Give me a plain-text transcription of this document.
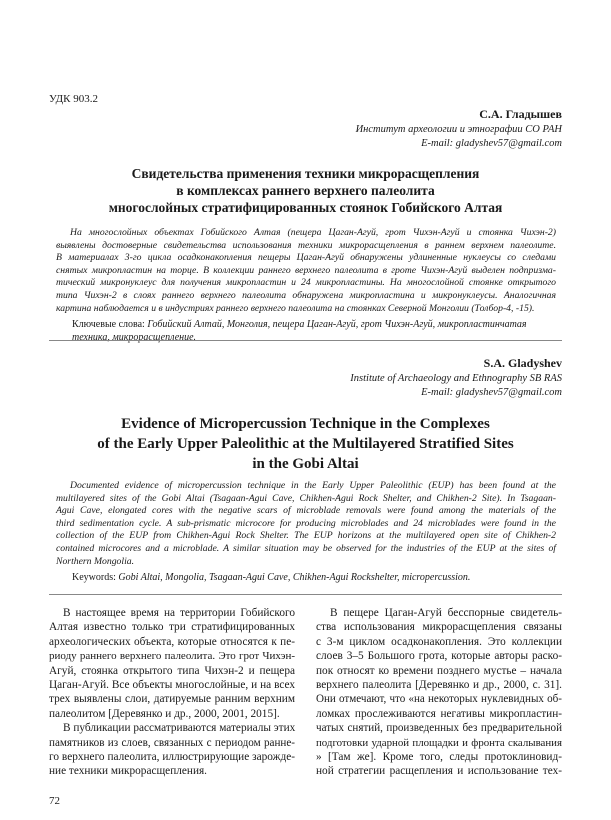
УДК 903.2
С.А. Гладышев
Институт археологии и этнографии СО РАН
E-mail: gladyshev57@gmail.com
Свидетельства применения техники микрорасщепления
в комплексах раннего верхнего палеолита
многослойных стратифицированных стоянок Гобийского Алтая
На многослойных объектах Гобийского Алтая (пещера Цаган-Агуй, грот Чихэн-Агуй и стоянка Чихэн-2)
выявлены достоверные свидетельства использования техники микрорасщепления в раннем верхнем палеолите.
В материалах 3-го цикла осадконакопления пещеры Цаган-Агуй обнаружены удлиненные нуклеусы со следами
снятых микропластин на торце. В коллекции раннего верхнего палеолита в гроте Чихэн-Агуй выделен подпризма-
тический микронуклеус для получения микропластин и 24 микропластины. На многослойной стоянке открытого
типа Чихэн-2 в слоях раннего верхнего палеолита обнаружена микропластина и микронуклеусы. Аналогичная
картина наблюдается и в индустриях раннего верхнего палеолита на стоянках Северной Монголии (Толбор-4, -15).
Ключевые слова: Гобийский Алтай, Монголия, пещера Цаган-Агуй, грот Чихэн-Агуй, микропластинчатая техника, микрорасщепление.
S.A. Gladyshev
Institute of Archaeology and Ethnography SB RAS
E-mail: gladyshev57@gmail.com
Evidence of Micropercussion Technique in the Complexes
of the Early Upper Paleolithic at the Multilayered Stratified Sites
in the Gobi Altai
Documented evidence of micropercussion technique in the Early Upper Paleolithic (EUP) has been found at the
multilayered sites of the Gobi Altai (Tsagaan-Agui Cave, Chikhen-Agui Rock Shelter, and Chikhen-2 Site). In Tsagaan-
Agui Cave, elongated cores with the negative scars of microblade removals were found among the materials of the
third sedimentation cycle. A sub-prismatic microcore for producing microblades and 24 microblades were found in the
collection of the EUP from Chikhen-Agui Rock Shelter. The EUP horizons at the multilayered open site of Chikhen-2
contained microcores and a microblade. A similar situation may be observed for the industries of the EUP at the sites of
Northern Mongolia.
Keywords: Gobi Altai, Mongolia, Tsagaan-Agui Cave, Chikhen-Agui Rockshelter, micropercussion.
В настоящее время на территории Гобийского
Алтая известно только три стратифицированных
археологических объекта, которые относятся к пе-
риоду раннего верхнего палеолита. Это грот Чихэн-
Агуй, стоянка открытого типа Чихэн-2 и пещера
Цаган-Агуй. Все объекты многослойные, и на всех
трех выявлены слои, датируемые ранним верхним
палеолитом [Деревянко и др., 2000, 2001, 2015].
В публикации рассматриваются материалы этих
памятников из слоев, связанных с периодом ранне-
го верхнего палеолита, иллюстрирующие зарожде-
ние техники микрорасщепления.
В пещере Цаган-Агуй бесспорные свидетель-
ства использования микрорасщепления связаны
с 3-м циклом осадконакопления. Это коллекции
слоев 3–5 Большого грота, которые авторы раско-
пок относят ко времени позднего мустье – начала
верхнего палеолита [Деревянко и др., 2000, с. 31].
Они отмечают, что «на некоторых нуклевидных об-
ломках прослеживаются негативы микропластин-
чатых снятий, произведенных без предварительной
подготовки ударной площадки и фронта скалывания
» [Там же]. Кроме того, следы протоклиновид-
ной стратегии расщепления и использование тех-
72
